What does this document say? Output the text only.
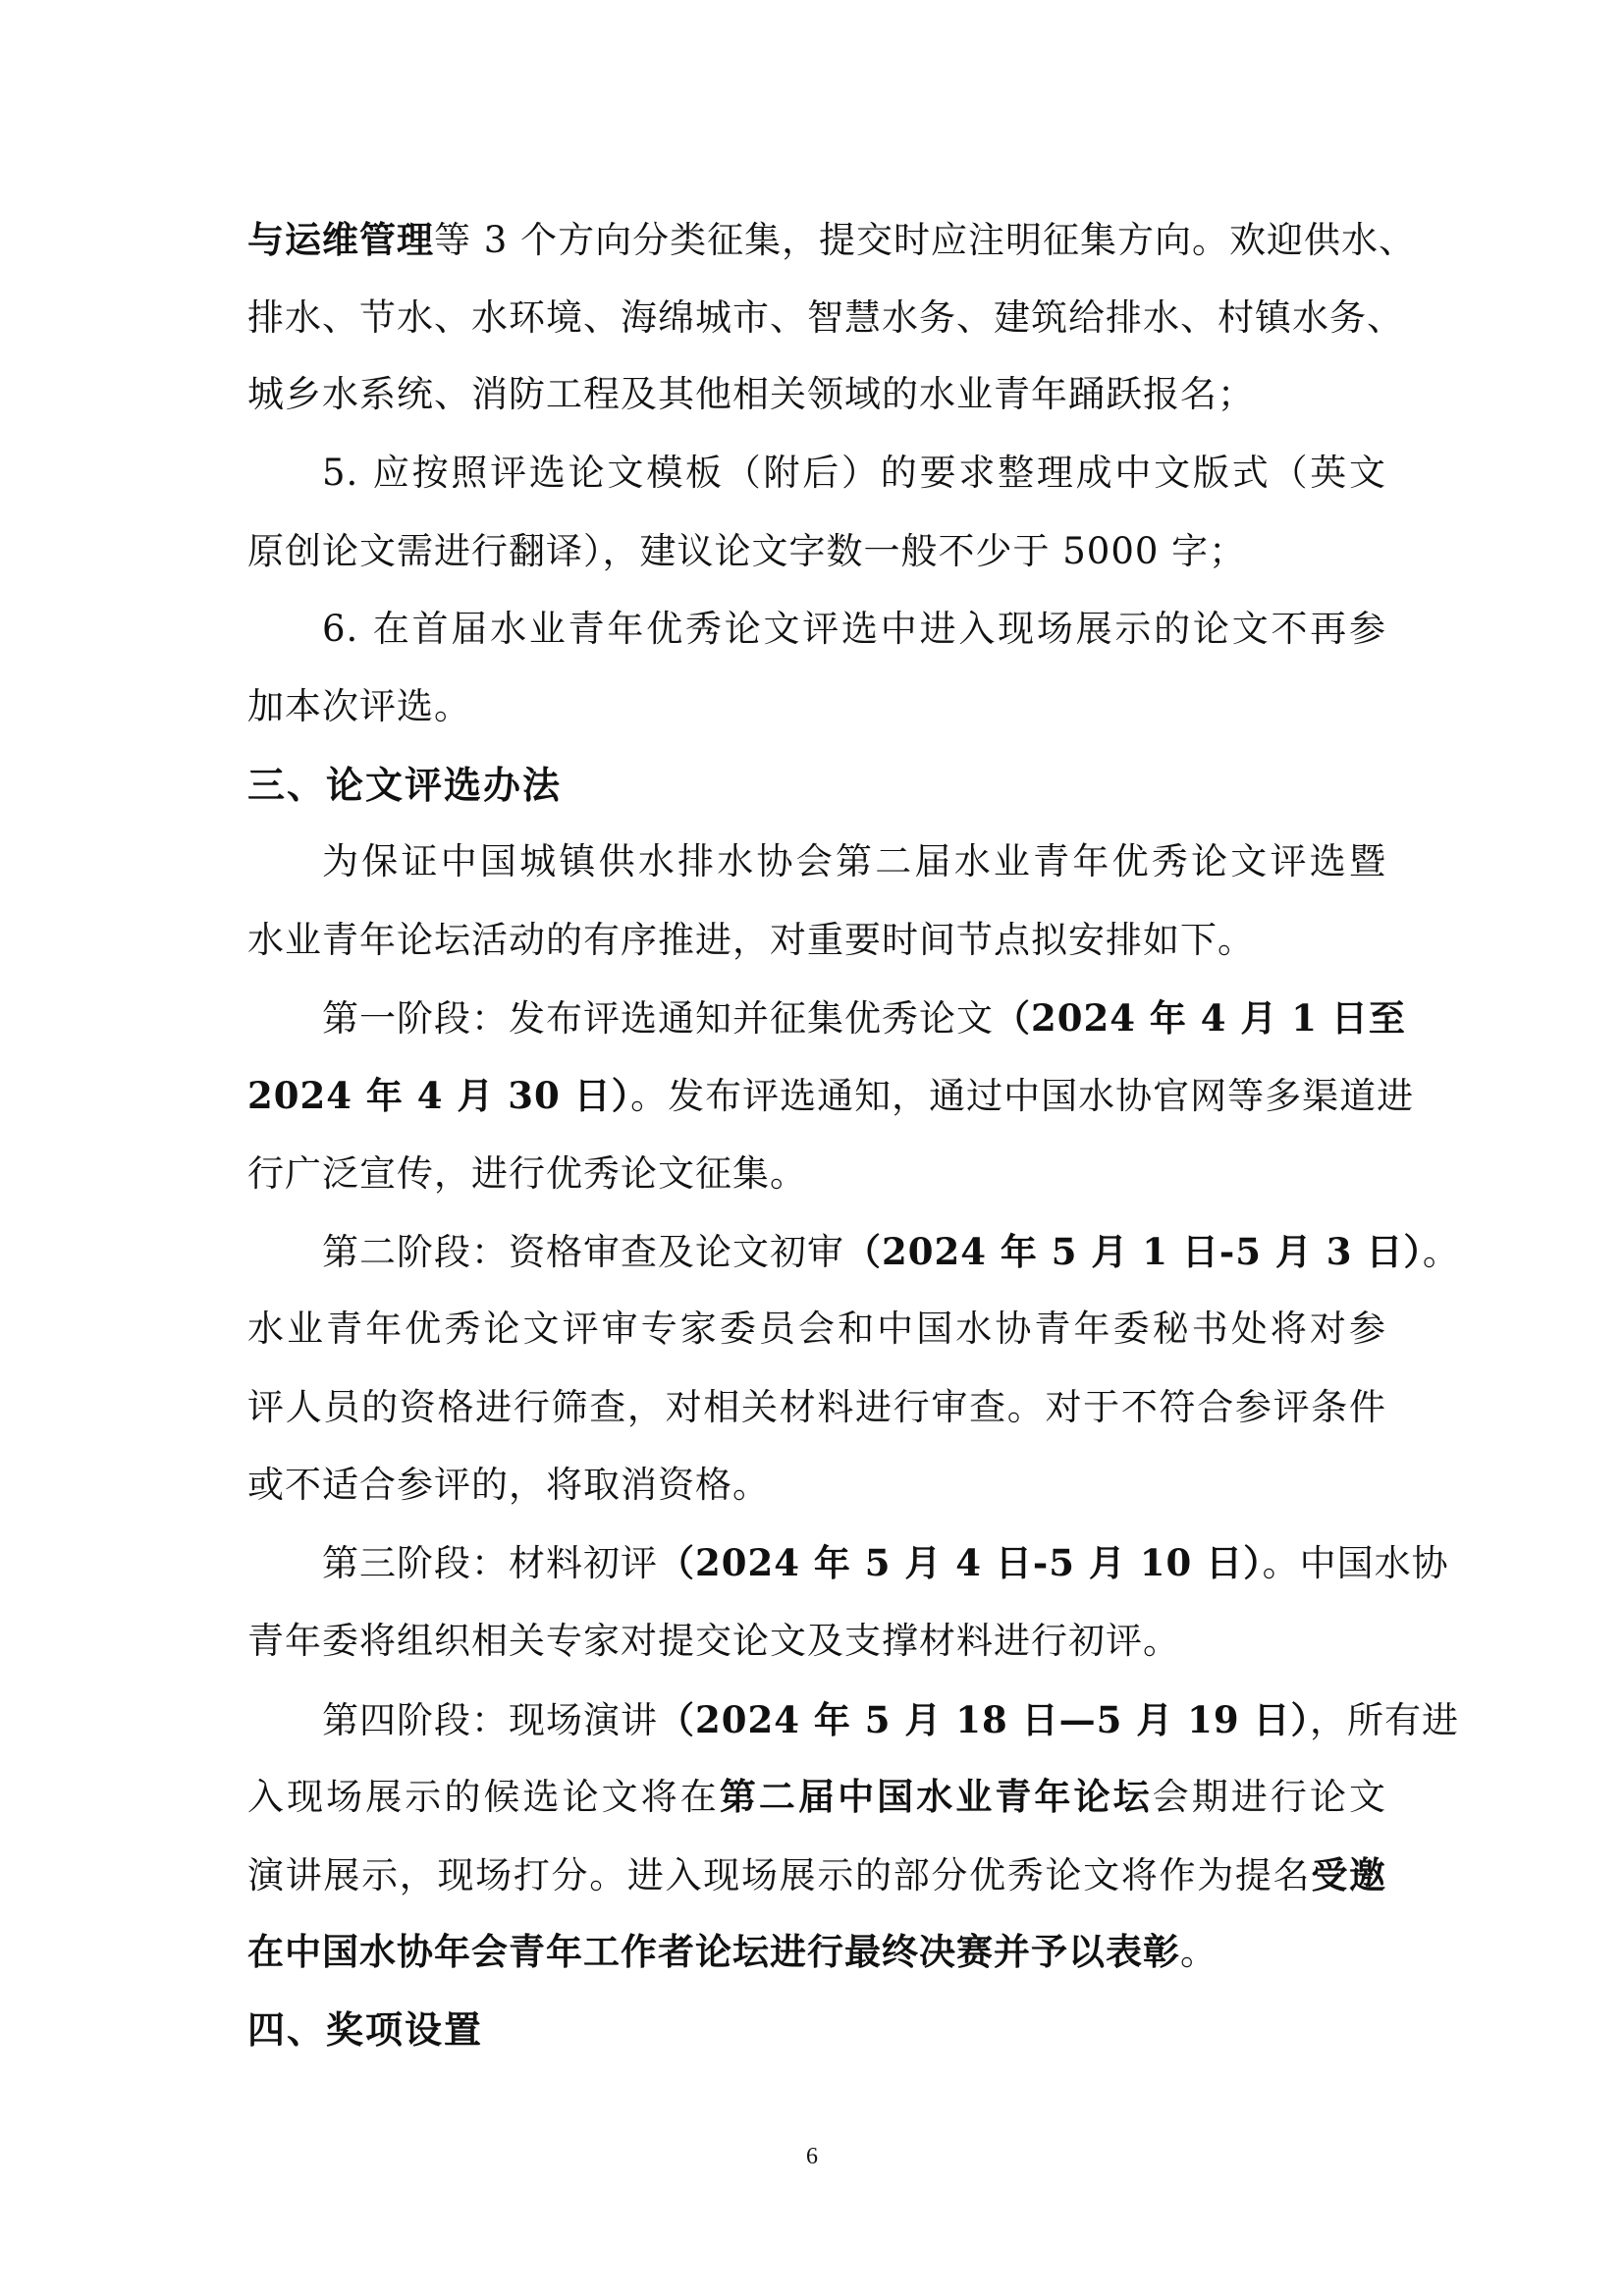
与运维管理等 3 个方向分类征集，提交时应注明征集方向。欢迎供水、
排水、节水、水环境、海绵城市、智慧水务、建筑给排水、村镇水务、
城乡水系统、消防工程及其他相关领域的水业青年踊跃报名；
5. 应按照评选论文模板（附后）的要求整理成中文版式（英文
原创论文需进行翻译），建议论文字数一般不少于 5000 字；
6. 在首届水业青年优秀论文评选中进入现场展示的论文不再参
加本次评选。
三、论文评选办法
为保证中国城镇供水排水协会第二届水业青年优秀论文评选暨
水业青年论坛活动的有序推进，对重要时间节点拟安排如下。
第一阶段：发布评选通知并征集优秀论文（2024 年 4 月 1 日至
2024 年 4 月 30 日）。发布评选通知，通过中国水协官网等多渠道进
行广泛宣传，进行优秀论文征集。
第二阶段：资格审查及论文初审（2024 年 5 月 1 日-5 月 3 日）。
水业青年优秀论文评审专家委员会和中国水协青年委秘书处将对参
评人员的资格进行筛查，对相关材料进行审查。对于不符合参评条件
或不适合参评的，将取消资格。
第三阶段：材料初评（2024 年 5 月 4 日-5 月 10 日）。中国水协
青年委将组织相关专家对提交论文及支撑材料进行初评。
第四阶段：现场演讲（2024 年 5 月 18 日—5 月 19 日），所有进
入现场展示的候选论文将在第二届中国水业青年论坛会期进行论文
演讲展示，现场打分。进入现场展示的部分优秀论文将作为提名受邀
在中国水协年会青年工作者论坛进行最终决赛并予以表彰。
四、奖项设置
6
